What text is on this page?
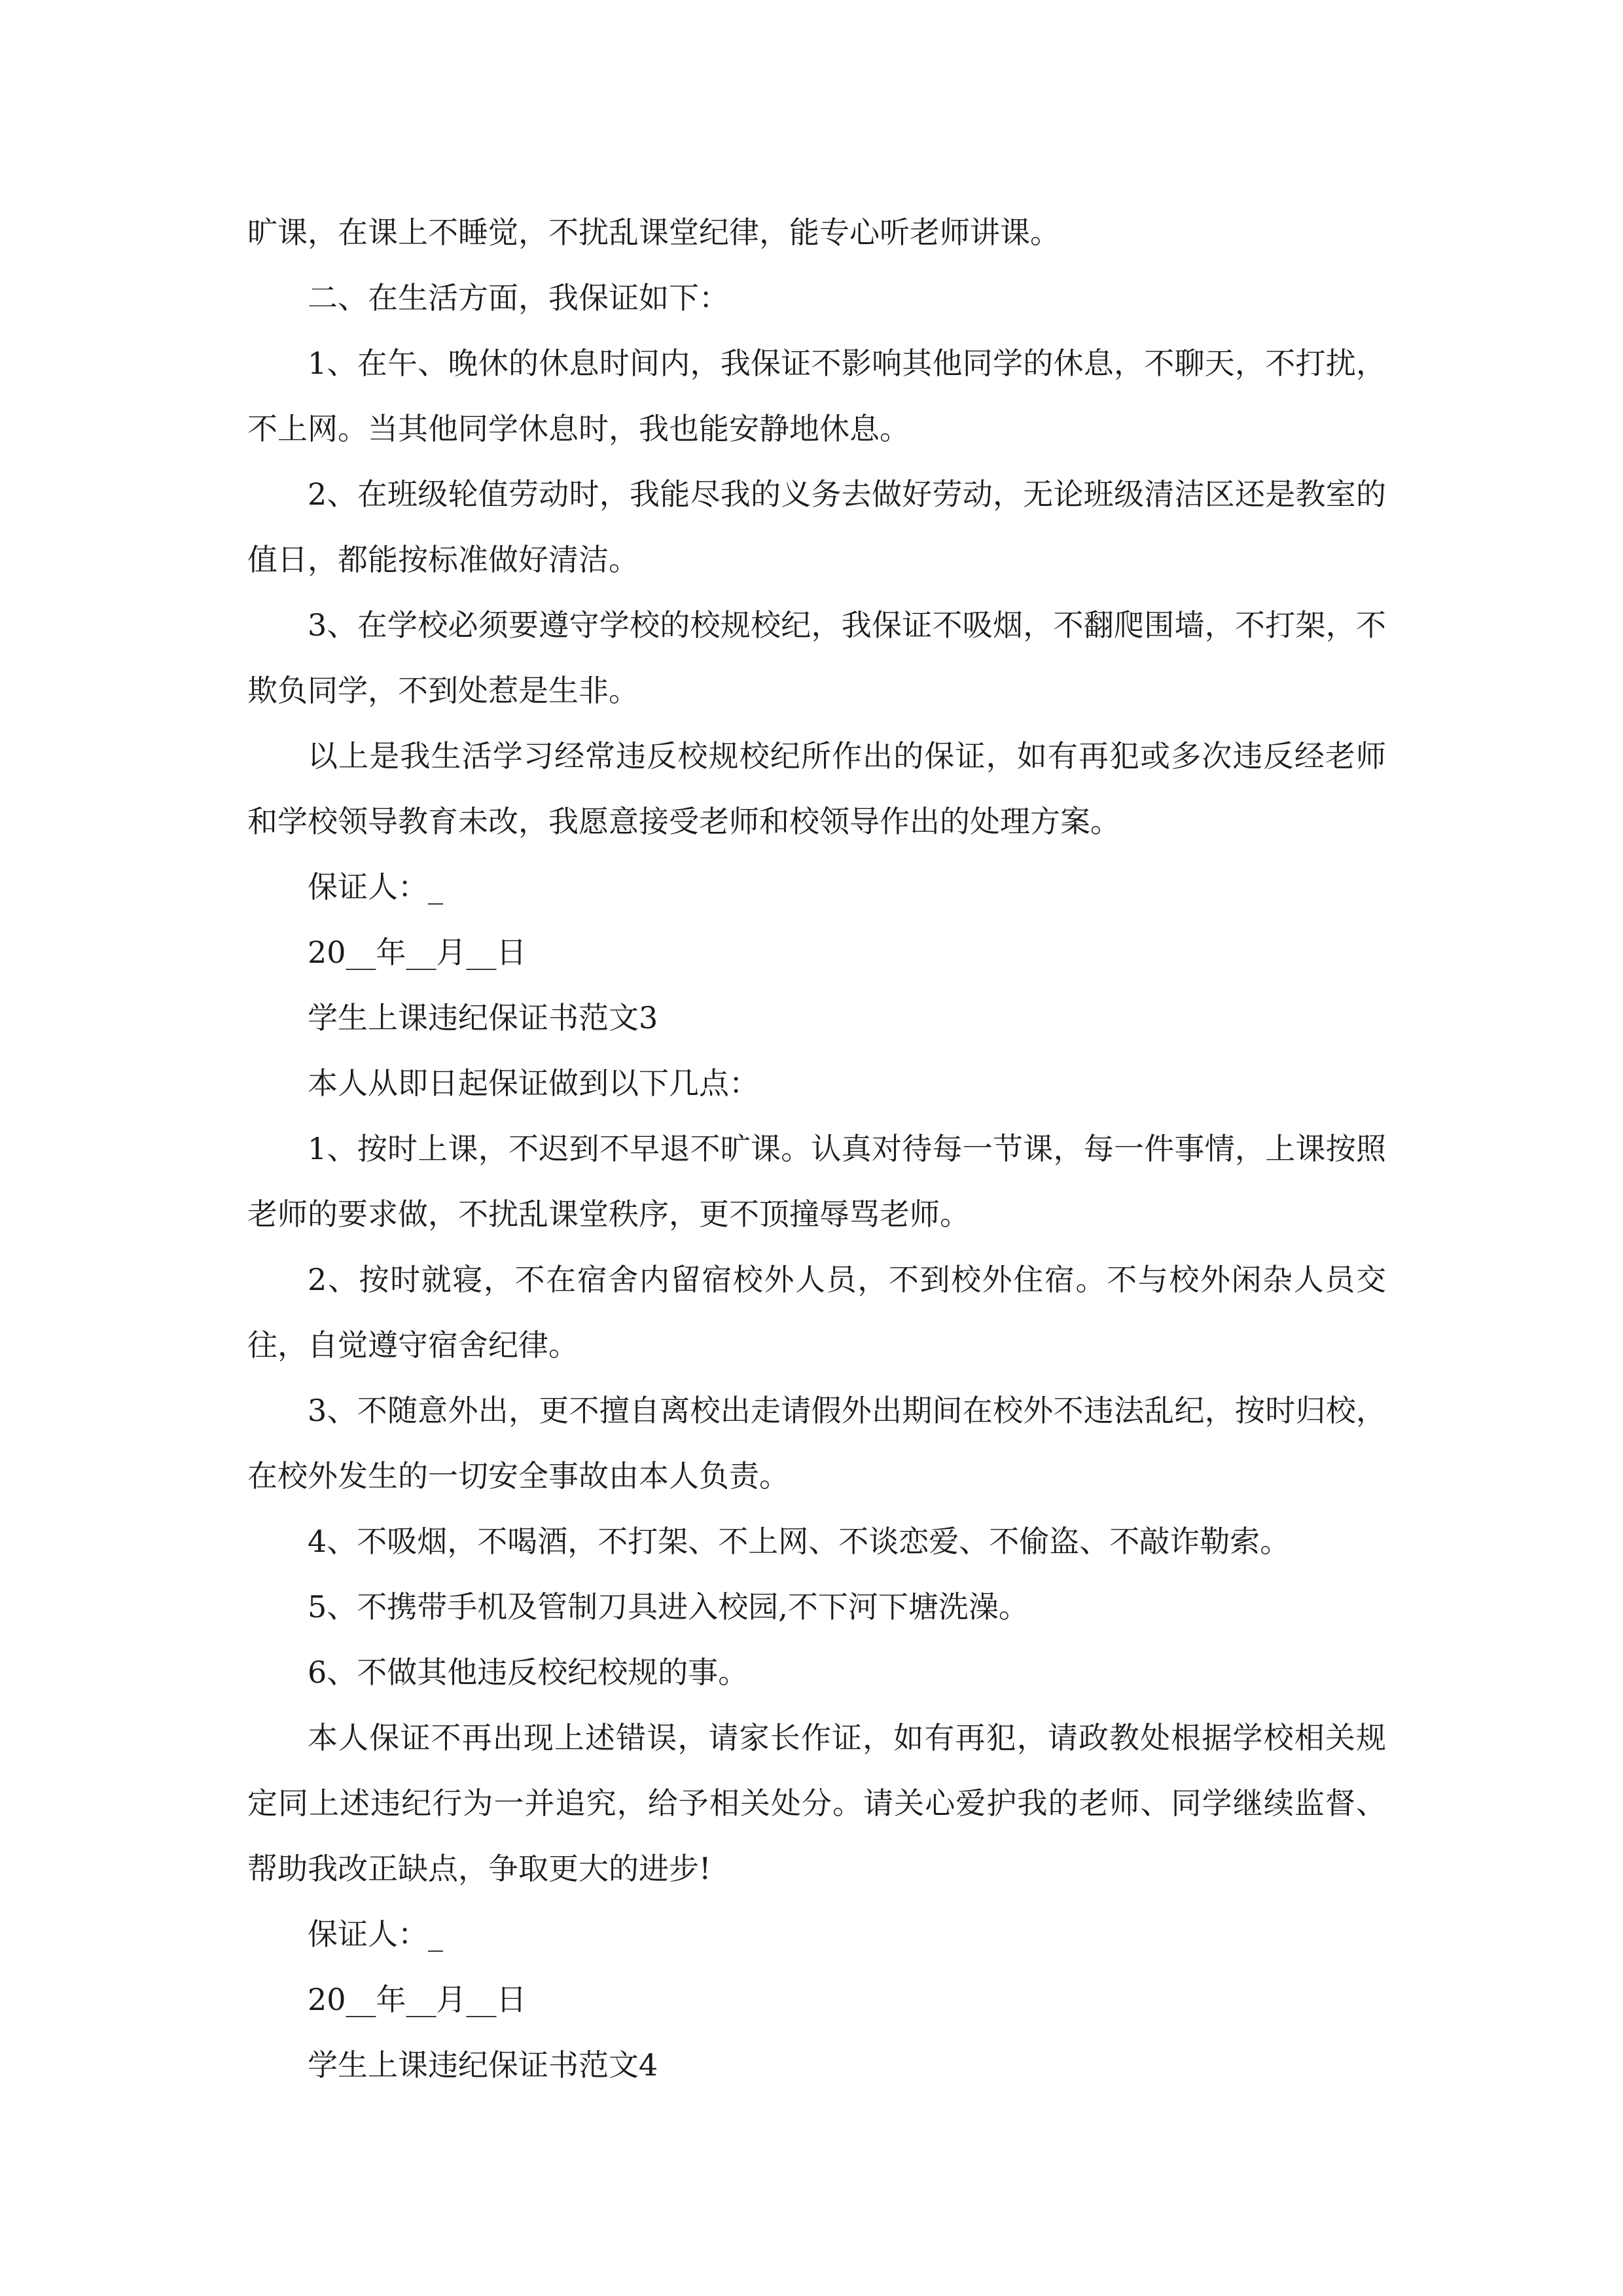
旷课，在课上不睡觉，不扰乱课堂纪律，能专心听老师讲课。

二、在生活方面，我保证如下：

1、在午、晚休的休息时间内，我保证不影响其他同学的休息，不聊天，不打扰，不上网。当其他同学休息时，我也能安静地休息。

2、在班级轮值劳动时，我能尽我的义务去做好劳动，无论班级清洁区还是教室的值日，都能按标准做好清洁。

3、在学校必须要遵守学校的校规校纪，我保证不吸烟，不翻爬围墙，不打架，不欺负同学，不到处惹是生非。

以上是我生活学习经常违反校规校纪所作出的保证，如有再犯或多次违反经老师和学校领导教育未改，我愿意接受老师和校领导作出的处理方案。

保证人：_

20__年__月__日

学生上课违纪保证书范文3

本人从即日起保证做到以下几点：

1、按时上课，不迟到不早退不旷课。认真对待每一节课，每一件事情，上课按照老师的要求做，不扰乱课堂秩序，更不顶撞辱骂老师。

2、按时就寝，不在宿舍内留宿校外人员，不到校外住宿。不与校外闲杂人员交往，自觉遵守宿舍纪律。

3、不随意外出，更不擅自离校出走请假外出期间在校外不违法乱纪，按时归校，在校外发生的一切安全事故由本人负责。

4、不吸烟，不喝酒，不打架、不上网、不谈恋爱、不偷盗、不敲诈勒索。

5、不携带手机及管制刀具进入校园,不下河下塘洗澡。

6、不做其他违反校纪校规的事。

本人保证不再出现上述错误，请家长作证，如有再犯，请政教处根据学校相关规定同上述违纪行为一并追究，给予相关处分。请关心爱护我的老师、同学继续监督、帮助我改正缺点，争取更大的进步!

保证人：_

20__年__月__日

学生上课违纪保证书范文4
